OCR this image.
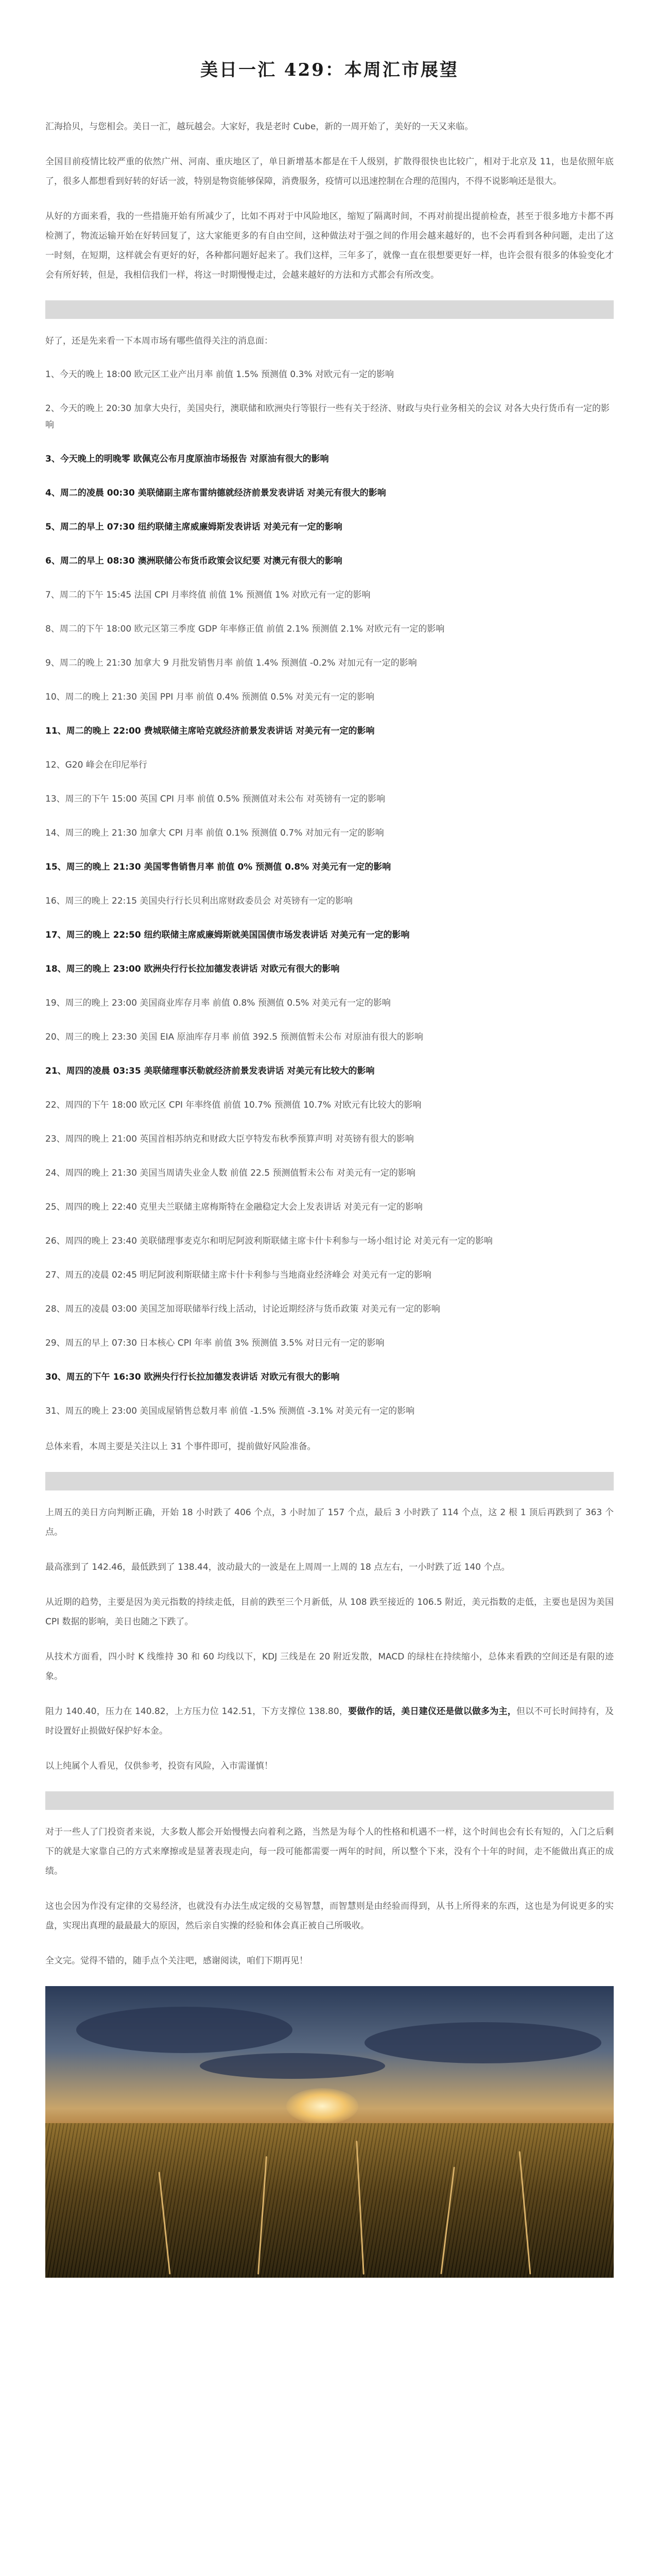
美日一汇 429：本周汇市展望

汇海拾贝，与您相会。美日一汇，越玩越会。大家好，我是老时 Cube，新的一周开始了，美好的一天又来临。

全国目前疫情比较严重的依然广州、河南、重庆地区了，单日新增基本都是在千人级别，扩散得很快也比较广，相对于北京及 11，也是依照年底了，很多人都想看到好转的好话一波，特别是物资能够保障，消费服务，疫情可以迅速控制在合理的范围内，不得不说影响还是很大。

从好的方面来看，我的一些措施开始有所减少了，比如不再对于中风险地区，缩短了隔离时间，不再对前提出提前检查，甚至于很多地方卡都不再检测了，物流运输开始在好转回复了，这大家能更多的有自由空间，这种做法对于强之间的作用会越来越好的，也不会再看到各种问题，走出了这一时刻，在短期，这样就会有更好的好，各种都问题好起来了。我们这样，三年多了，就像一直在很想要更好一样，也许会很有很多的体验变化才会有所好转，但是，我相信我们一样，将这一时期慢慢走过，会越来越好的方法和方式都会有所改变。

好了，还是先来看一下本周市场有哪些值得关注的消息面：

1、今天的晚上 18:00 欧元区工业产出月率 前值 1.5% 预测值 0.3% 对欧元有一定的影响

2、今天的晚上 20:30 加拿大央行，美国央行，澳联储和欧洲央行等银行一些有关于经济、财政与央行业务相关的会议 对各大央行货币有一定的影响

3、今天晚上的明晚零 欧佩克公布月度原油市场报告 对原油有很大的影响

4、周二的凌晨 00:30 美联储副主席布雷纳德就经济前景发表讲话 对美元有很大的影响

5、周二的早上 07:30 纽约联储主席威廉姆斯发表讲话 对美元有一定的影响

6、周二的早上 08:30 澳洲联储公布货币政策会议纪要 对澳元有很大的影响

7、周二的下午 15:45 法国 CPI 月率终值 前值 1% 预测值 1% 对欧元有一定的影响

8、周二的下午 18:00 欧元区第三季度 GDP 年率修正值 前值 2.1% 预测值 2.1% 对欧元有一定的影响

9、周二的晚上 21:30 加拿大 9 月批发销售月率 前值 1.4% 预测值 -0.2% 对加元有一定的影响

10、周二的晚上 21:30 美国 PPI 月率 前值 0.4% 预测值 0.5% 对美元有一定的影响

11、周二的晚上 22:00 费城联储主席哈克就经济前景发表讲话 对美元有一定的影响

12、G20 峰会在印尼举行

13、周三的下午 15:00 英国 CPI 月率 前值 0.5% 预测值对未公布 对英镑有一定的影响

14、周三的晚上 21:30 加拿大 CPI 月率 前值 0.1% 预测值 0.7% 对加元有一定的影响

15、周三的晚上 21:30 美国零售销售月率 前值 0% 预测值 0.8% 对美元有一定的影响

16、周三的晚上 22:15 美国央行行长贝利出席财政委员会 对英镑有一定的影响

17、周三的晚上 22:50 纽约联储主席威廉姆斯就美国国债市场发表讲话 对美元有一定的影响

18、周三的晚上 23:00 欧洲央行行长拉加德发表讲话 对欧元有很大的影响

19、周三的晚上 23:00 美国商业库存月率 前值 0.8% 预测值 0.5% 对美元有一定的影响

20、周三的晚上 23:30 美国 EIA 原油库存月率 前值 392.5 预测值暂未公布 对原油有很大的影响

21、周四的凌晨 03:35 美联储理事沃勒就经济前景发表讲话 对美元有比较大的影响

22、周四的下午 18:00 欧元区 CPI 年率终值 前值 10.7% 预测值 10.7% 对欧元有比较大的影响

23、周四的晚上 21:00 英国首相苏纳克和财政大臣亨特发布秋季预算声明 对英镑有很大的影响

24、周四的晚上 21:30 美国当周请失业金人数 前值 22.5 预测值暂未公布 对美元有一定的影响

25、周四的晚上 22:40 克里夫兰联储主席梅斯特在金融稳定大会上发表讲话 对美元有一定的影响

26、周四的晚上 23:40 美联储理事麦克尔和明尼阿波利斯联储主席卡什卡利参与一场小组讨论 对美元有一定的影响

27、周五的凌晨 02:45 明尼阿波利斯联储主席卡什卡利参与当地商业经济峰会 对美元有一定的影响

28、周五的凌晨 03:00 美国芝加哥联储举行线上活动，讨论近期经济与货币政策 对美元有一定的影响

29、周五的早上 07:30 日本核心 CPI 年率 前值 3% 预测值 3.5% 对日元有一定的影响

30、周五的下午 16:30 欧洲央行行长拉加德发表讲话 对欧元有很大的影响

31、周五的晚上 23:00 美国成屋销售总数月率 前值 -1.5% 预测值 -3.1% 对美元有一定的影响

总体来看，本周主要是关注以上 31 个事件即可，提前做好风险准备。

上周五的美日方向判断正确，开始 18 小时跌了 406 个点，3 小时加了 157 个点，最后 3 小时跌了 114 个点，这 2 根 1 顶后再跌到了 363 个点。

最高涨到了 142.46，最低跌到了 138.44，波动最大的一波是在上周周一上周的 18 点左右，一小时跌了近 140 个点。

从近期的趋势，主要是因为美元指数的持续走低，目前的跌至三个月新低，从 108 跌至接近的 106.5 附近，美元指数的走低，主要也是因为美国 CPI 数据的影响，美日也随之下跌了。

从技术方面看，四小时 K 线维持 30 和 60 均线以下，KDJ 三线是在 20 附近发散，MACD 的绿柱在持续缩小，总体来看跌的空间还是有限的迹象。

阻力 140.40，压力在 140.82，上方压力位 142.51，下方支撑位 138.80，要做作的话，美日建仪还是做以做多为主，但以不可长时间持有，及时设置好止损做好保护好本金。

以上纯属个人看见，仅供参考，投资有风险，入市需谨慎！

对于一些人了门投资者来说，大多数人都会开始慢慢去向着利之路，当然是为每个人的性格和机遇不一样，这个时间也会有长有短的，入门之后剩下的就是大家靠自己的方式来摩擦或是显著表现走向，每一段可能都需要一两年的时间，所以整个下来，没有个十年的时间，走不能做出真正的成绩。

这也会因为作没有定律的交易经济，也就没有办法生成定级的交易智慧，而智慧则是由经验而得到，从书上所得来的东西，这也是为何说更多的实盘，实现出真理的最最最大的原因，然后亲自实操的经验和体会真正被自己所吸收。

全文完。觉得不错的，随手点个关注吧，感谢阅读，咱们下期再见！
